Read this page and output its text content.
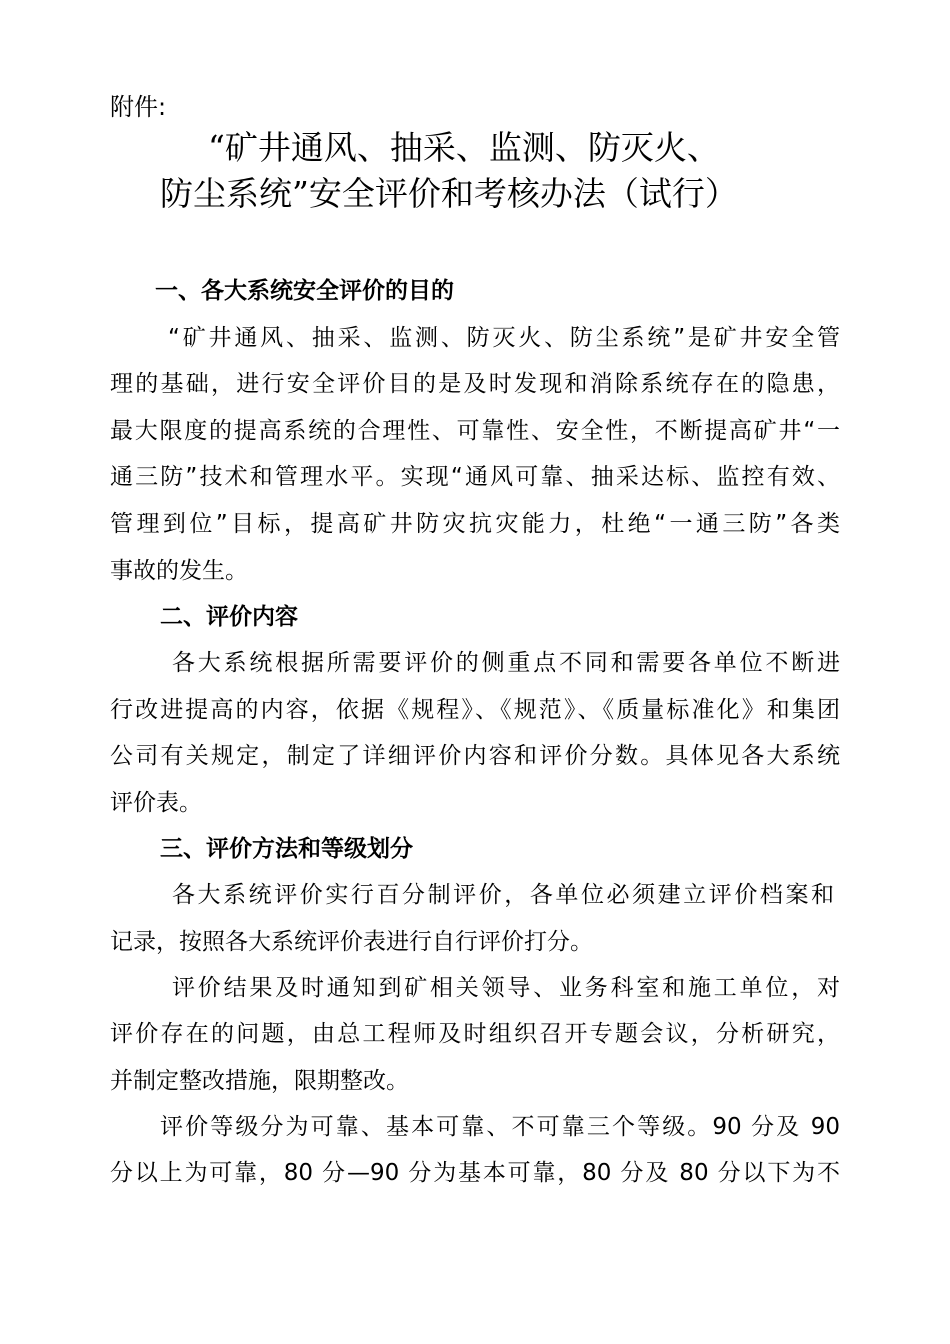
附件:
“矿井通风、抽采、监测、防灭火、
防尘系统”安全评价和考核办法（试行）
一、各大系统安全评价的目的
“矿井通风、抽采、监测、防灭火、防尘系统”是矿井安全管
理的基础，进行安全评价目的是及时发现和消除系统存在的隐患，
最大限度的提高系统的合理性、可靠性、安全性，不断提高矿井“一
通三防”技术和管理水平。实现“通风可靠、抽采达标、监控有效、
管理到位”目标，提高矿井防灾抗灾能力，杜绝“一通三防”各类
事故的发生。
二、评价内容
各大系统根据所需要评价的侧重点不同和需要各单位不断进
行改进提高的内容，依据《规程》、《规范》、《质量标准化》和集团
公司有关规定，制定了详细评价内容和评价分数。具体见各大系统
评价表。
三、评价方法和等级划分
各大系统评价实行百分制评价，各单位必须建立评价档案和
记录，按照各大系统评价表进行自行评价打分。
评价结果及时通知到矿相关领导、业务科室和施工单位，对
评价存在的问题，由总工程师及时组织召开专题会议，分析研究，
并制定整改措施，限期整改。
评价等级分为可靠、基本可靠、不可靠三个等级。90 分及 90
分以上为可靠，80 分—90 分为基本可靠，80 分及 80 分以下为不
